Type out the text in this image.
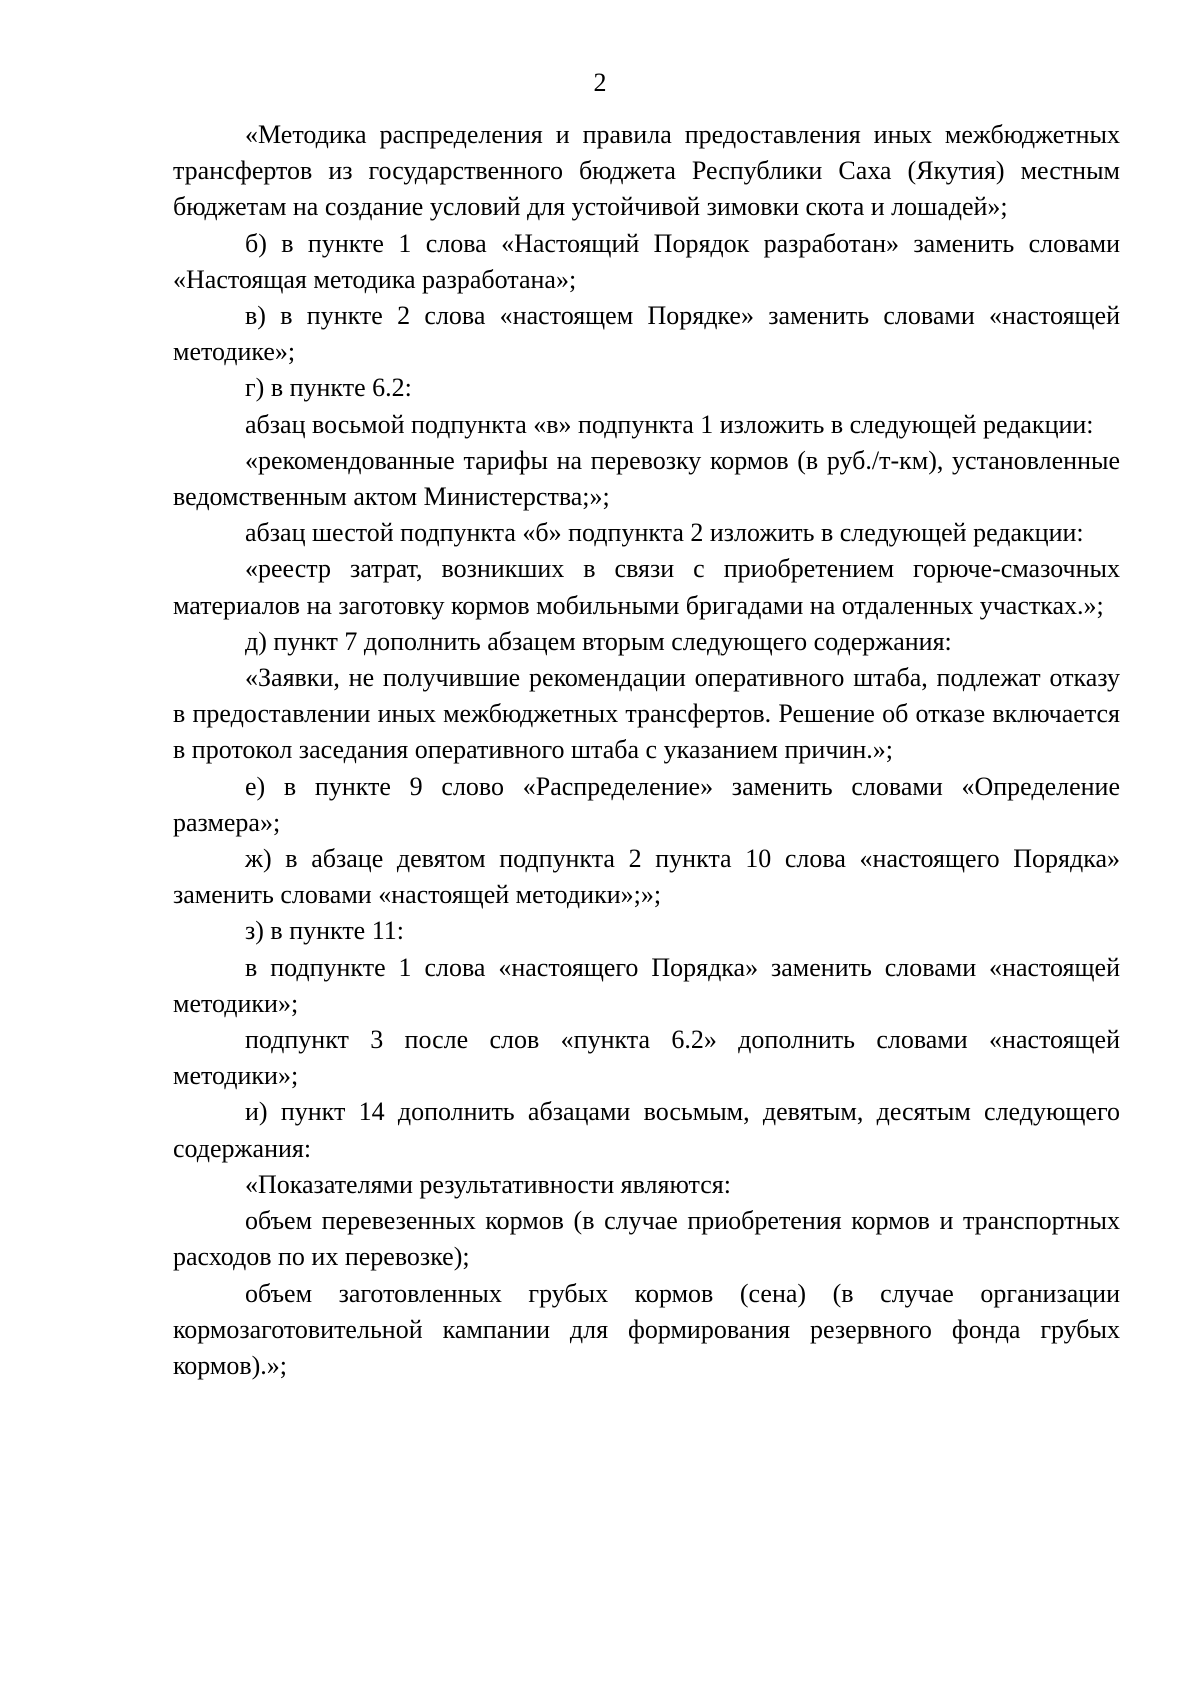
2

«Методика распределения и правила предоставления иных межбюджетных трансфертов из государственного бюджета Республики Саха (Якутия) местным бюджетам на создание условий для устойчивой зимовки скота и лошадей»;

б) в пункте 1 слова «Настоящий Порядок разработан» заменить словами «Настоящая методика разработана»;

в) в пункте 2 слова «настоящем Порядке» заменить словами «настоящей методике»;

г) в пункте 6.2:

абзац восьмой подпункта «в» подпункта 1 изложить в следующей редакции:

«рекомендованные тарифы на перевозку кормов (в руб./т-км), установленные ведомственным актом Министерства;»;

абзац шестой подпункта «б» подпункта 2 изложить в следующей редакции:

«реестр затрат, возникших в связи с приобретением горюче-смазочных материалов на заготовку кормов мобильными бригадами на отдаленных участках.»;

д) пункт 7 дополнить абзацем вторым следующего содержания:

«Заявки, не получившие рекомендации оперативного штаба, подлежат отказу в предоставлении иных межбюджетных трансфертов. Решение об отказе включается в протокол заседания оперативного штаба с указанием причин.»;

е) в пункте 9 слово «Распределение» заменить словами «Определение размера»;

ж) в абзаце девятом подпункта 2 пункта 10 слова «настоящего Порядка» заменить словами «настоящей методики»;»;

з) в пункте 11:

в подпункте 1 слова «настоящего Порядка» заменить словами «настоящей методики»;

подпункт 3 после слов «пункта 6.2» дополнить словами «настоящей методики»;

и) пункт 14 дополнить абзацами восьмым, девятым, десятым следующего содержания:

«Показателями результативности являются:

объем перевезенных кормов (в случае приобретения кормов и транспортных расходов по их перевозке);

объем заготовленных грубых кормов (сена) (в случае организации кормозаготовительной кампании для формирования резервного фонда грубых кормов).»;
